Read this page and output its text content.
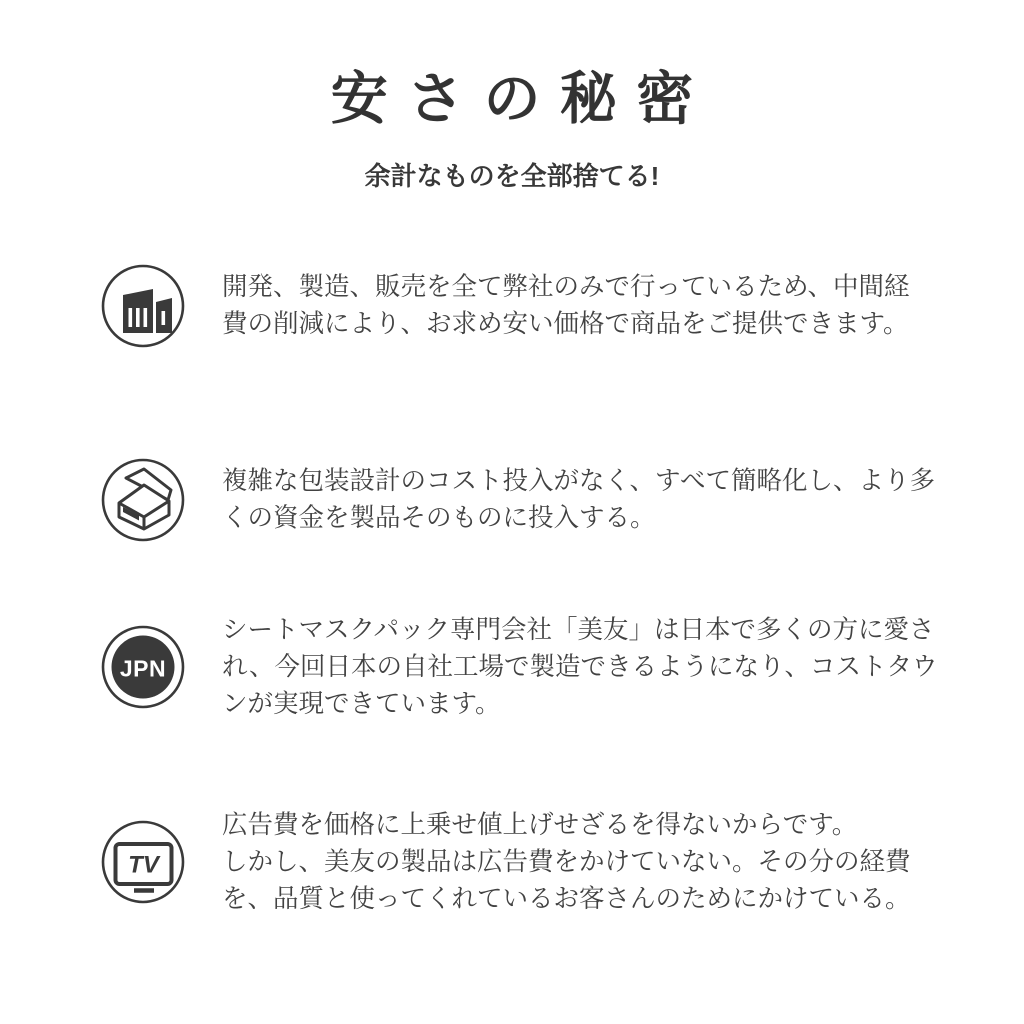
安さの秘密
余計なものを全部捨てる!
開発、製造、販売を全て弊社のみで行っているため、中間経
費の削減により、お求め安い価格で商品をご提供できます。
複雑な包装設計のコスト投入がなく、すべて簡略化し、より多
くの資金を製品そのものに投入する。
JPN
シートマスクパック専門会社「美友」は日本で多くの方に愛さ
れ、今回日本の自社工場で製造できるようになり、コストタウ
ンが実現できています。
TV
広告費を価格に上乗せ値上げせざるを得ないからです。
しかし、美友の製品は広告費をかけていない。その分の経費
を、品質と使ってくれているお客さんのためにかけている。
